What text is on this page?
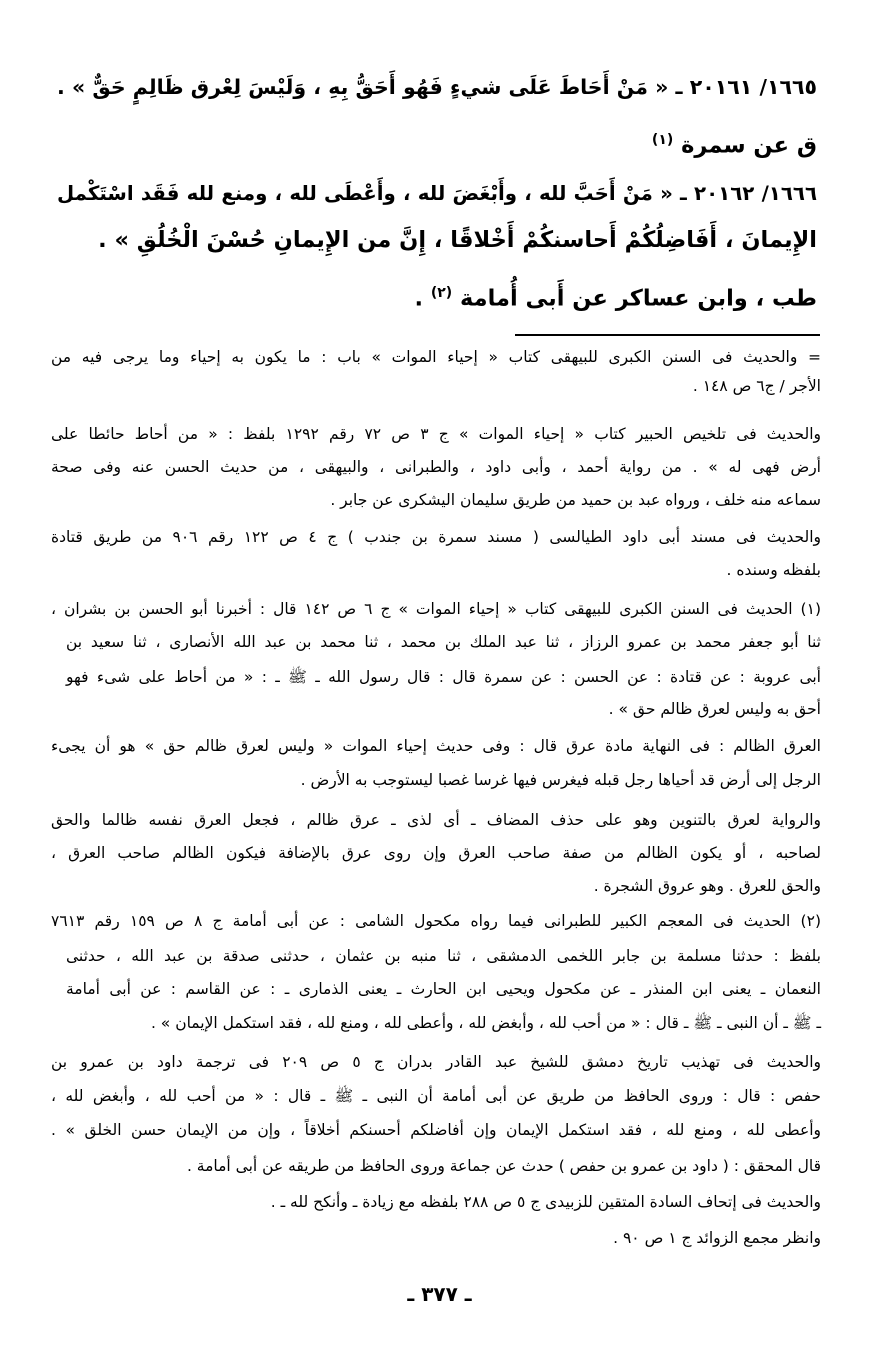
١٦٦٥/ ٢٠١٦١ ـ « مَنْ أَحَاطَ عَلَى شيءٍ فَهُو أَحَقُّ بِهِ ، وَلَيْسَ لِعْرق ظَالِمٍ حَقٌّ » .
ق عن سمرة $^{(١)}$
١٦٦٦/ ٢٠١٦٢ ـ « مَنْ أَحَبَّ لله ، وأَبْغَضَ لله ، وأَعْطَى لله ، ومنع لله فَقَد اسْتَكْمل
الإِيمانَ ، أَفَاضِلُكُمْ أَحاسنكُمْ أَخْلاقًا ، إِنَّ من الإِيمانِ حُسْنَ الْخُلُقِ » .
طب ، وابن عساكر عن أَبى أُمامة $^{(٢)}$ .
= والحديث فى السنن الكبرى للبيهقى كتاب « إحياء الموات » باب : ما يكون به إحياء وما يرجى فيه من
الأجر / ج٦ ص ١٤٨ .
والحديث فى تلخيص الحبير كتاب « إحياء الموات » ج ٣ ص ٧٢ رقم ١٢٩٢ بلفظ : « من أحاط حائطا على
أرض فهى له » . من رواية أحمد ، وأبى داود ، والطبرانى ، والبيهقى ، من حديث الحسن عنه وفى صحة
سماعه منه خلف ، ورواه عبد بن حميد من طريق سليمان اليشكرى عن جابر .
والحديث فى مسند أبى داود الطيالسى ( مسند سمرة بن جندب ) ج ٤ ص ١٢٢ رقم ٩٠٦ من طريق قتادة
بلفظه وسنده .
(١) الحديث فى السنن الكبرى للبيهقى كتاب « إحياء الموات » ج ٦ ص ١٤٢ قال : أخبرنا أبو الحسن بن بشران ،
ثنا أبو جعفر محمد بن عمرو الرزاز ، ثنا عبد الملك بن محمد ، ثنا محمد بن عبد الله الأنصارى ، ثنا سعيد بن
أبى عروبة : عن قتادة : عن الحسن : عن سمرة قال : قال رسول الله ـ ﷺ ـ : « من أحاط على شىء فهو
أحق به وليس لعرق ظالم حق » .
العرق الظالم : فى النهاية مادة عرق قال : وفى حديث إحياء الموات « وليس لعرق ظالم حق » هو أن يجىء
الرجل إلى أرض قد أحياها رجل قبله فيغرس فيها غرسا غصبا ليستوجب به الأرض .
والرواية لعرق بالتنوين وهو على حذف المضاف ـ أى لذى ـ عرق ظالم ، فجعل العرق نفسه ظالما والحق
لصاحبه ، أو يكون الظالم من صفة صاحب العرق وإن روى عرق بالإضافة فيكون الظالم صاحب العرق ،
والحق للعرق . وهو عروق الشجرة .
(٢) الحديث فى المعجم الكبير للطبرانى فيما رواه مكحول الشامى : عن أبى أمامة ج ٨ ص ١٥٩ رقم ٧٦١٣
بلفظ : حدثنا مسلمة بن جابر اللخمى الدمشقى ، ثنا منبه بن عثمان ، حدثنى صدقة بن عبد الله ، حدثنى
النعمان ـ يعنى ابن المنذر ـ عن مكحول ويحيى ابن الحارث ـ يعنى الذمارى ـ : عن القاسم : عن أبى أمامة
ـ ﷺ ـ أن النبى ـ ﷺ ـ قال : « من أحب لله ، وأبغض لله ، وأعطى لله ، ومنع لله ، فقد استكمل الإيمان » .
والحديث فى تهذيب تاريخ دمشق للشيخ عبد القادر بدران ج ٥ ص ٢٠٩ فى ترجمة داود بن عمرو بن
حفص : قال : وروى الحافظ من طريق عن أبى أمامة أن النبى ـ ﷺ ـ قال : « من أحب لله ، وأبغض لله ،
وأعطى لله ، ومنع لله ، فقد استكمل الإيمان وإن أفاضلكم أحسنكم أخلاقاً ، وإن من الإيمان حسن الخلق » .
قال المحقق : ( داود بن عمرو بن حفص ) حدث عن جماعة وروى الحافظ من طريقه عن أبى أمامة .
والحديث فى إتحاف السادة المتقين للزبيدى ج ٥ ص ٢٨٨ بلفظه مع زيادة ـ وأنكح لله ـ .
وانظر مجمع الزوائد ج ١ ص ٩٠ .
ـ ٣٧٧ ـ
